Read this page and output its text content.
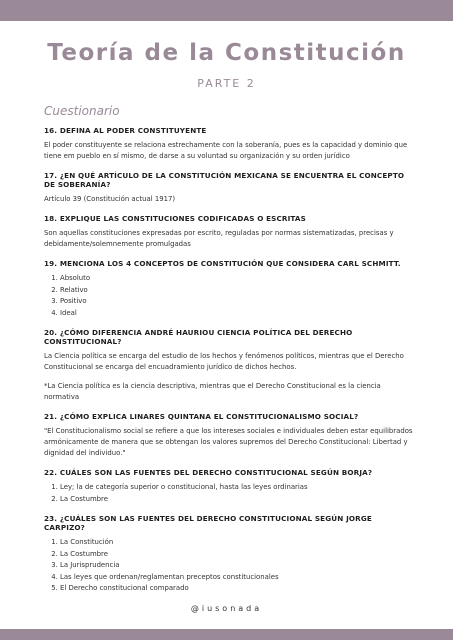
Teoría de la Constitución
PARTE 2
Cuestionario
16. DEFINA AL PODER CONSTITUYENTE
El poder constituyente se relaciona estrechamente con la soberanía, pues es la capacidad y dominio que tiene em pueblo en sí mismo, de darse a su voluntad su organización y su orden jurídico
17. ¿EN QUÉ ARTÍCULO DE LA CONSTITUCIÓN MEXICANA SE ENCUENTRA EL CONCEPTO DE SOBERANÍA?
Artículo 39 (Constitución actual 1917)
18. EXPLIQUE LAS CONSTITUCIONES CODIFICADAS O ESCRITAS
Son aquellas constituciones expresadas por escrito, reguladas por normas sistematizadas, precisas y debidamente/solemnemente promulgadas
19. MENCIONA LOS 4 CONCEPTOS DE CONSTITUCIÓN QUE CONSIDERA CARL SCHMITT.
1. Absoluto
2. Relativo
3. Positivo
4. Ideal
20. ¿CÓMO DIFERENCIA ANDRÉ HAURIOU CIENCIA POLÍTICA DEL DERECHO CONSTITUCIONAL?
La Ciencia política se encarga del estudio de los hechos y fenómenos políticos, mientras que el Derecho Constitucional se encarga del encuadramiento jurídico de dichos hechos.
*La Ciencia política es la ciencia descriptiva, mientras que el Derecho Constitucional es la ciencia normativa
21. ¿CÓMO EXPLICA LINARES QUINTANA EL CONSTITUCIONALISMO SOCIAL?
"El Constitucionalismo social se refiere a que los intereses sociales e individuales deben estar equilibrados armónicamente de manera que se obtengan los valores supremos del Derecho Constitucional: Libertad y dignidad del individuo."
22. CUÁLES SON LAS FUENTES DEL DERECHO CONSTITUCIONAL SEGÚN BORJA?
1. Ley; la de categoría superior o constitucional, hasta las leyes ordinarias
2. La Costumbre
23. ¿CUÁLES SON LAS FUENTES DEL DERECHO CONSTITUCIONAL SEGÚN JORGE CARPIZO?
1. La Constitución
2. La Costumbre
3. La Jurisprudencia
4. Las leyes que ordenan/reglamentan preceptos constitucionales
5. El Derecho constitucional comparado
@iusonada
